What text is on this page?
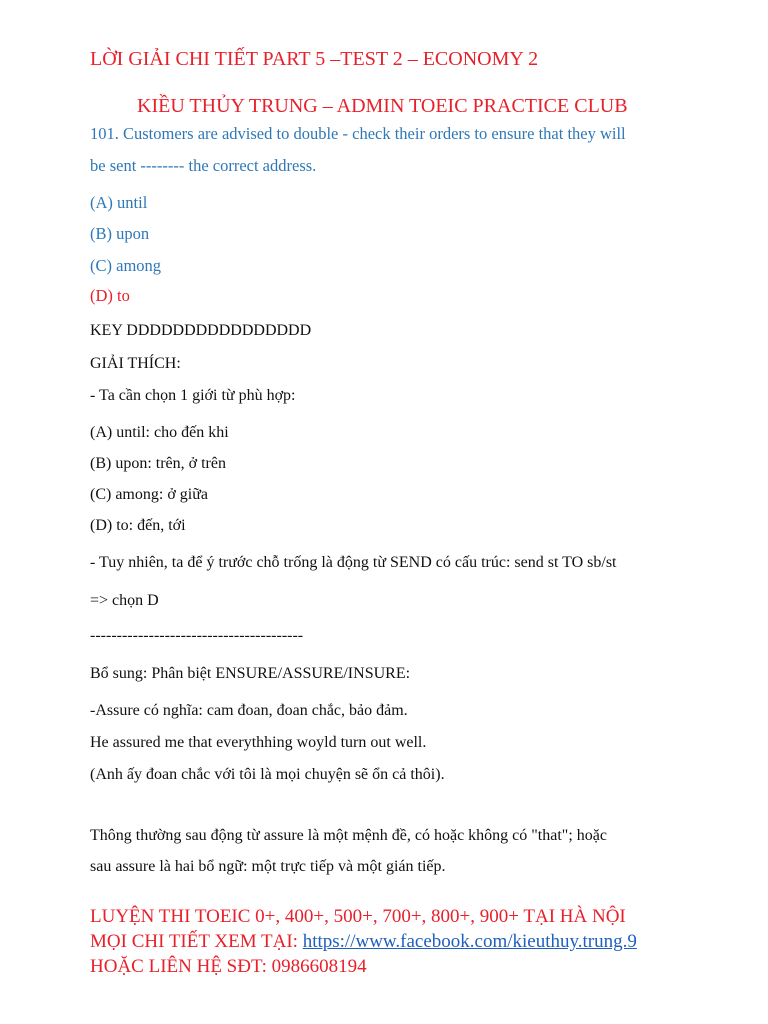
LỜI GIẢI CHI TIẾT PART 5 –TEST 2 – ECONOMY 2
KIỀU THỦY TRUNG – ADMIN TOEIC PRACTICE CLUB
101. Customers are advised to double - check their orders to ensure that they will
be sent -------- the correct address.
(A) until
(B) upon
(C) among
(D) to
KEY DDDDDDDDDDDDDDDD
GIẢI THÍCH:
- Ta cần chọn 1 giới từ phù hợp:
(A) until: cho đến khi
(B) upon: trên, ở trên
(C) among: ở giữa
(D) to: đến, tới
- Tuy nhiên, ta để ý trước chỗ trống là động từ SEND có cấu trúc: send st TO sb/st
=> chọn D
----------------------------------------
Bổ sung: Phân biệt ENSURE/ASSURE/INSURE:
-Assure có nghĩa: cam đoan, đoan chắc, bảo đảm.
He assured me that everythhing woyld turn out well.
(Anh ấy đoan chắc với tôi là mọi chuyện sẽ ổn cả thôi).
Thông thường sau động từ assure là một mệnh đề, có hoặc không có "that"; hoặc
sau assure là hai bổ ngữ: một trực tiếp và một gián tiếp.
LUYỆN THI TOEIC 0+, 400+, 500+, 700+, 800+, 900+ TẠI HÀ NỘI
MỌI CHI TIẾT XEM TẠI: https://www.facebook.com/kieuthuy.trung.9
HOẶC LIÊN HỆ SĐT: 0986608194
